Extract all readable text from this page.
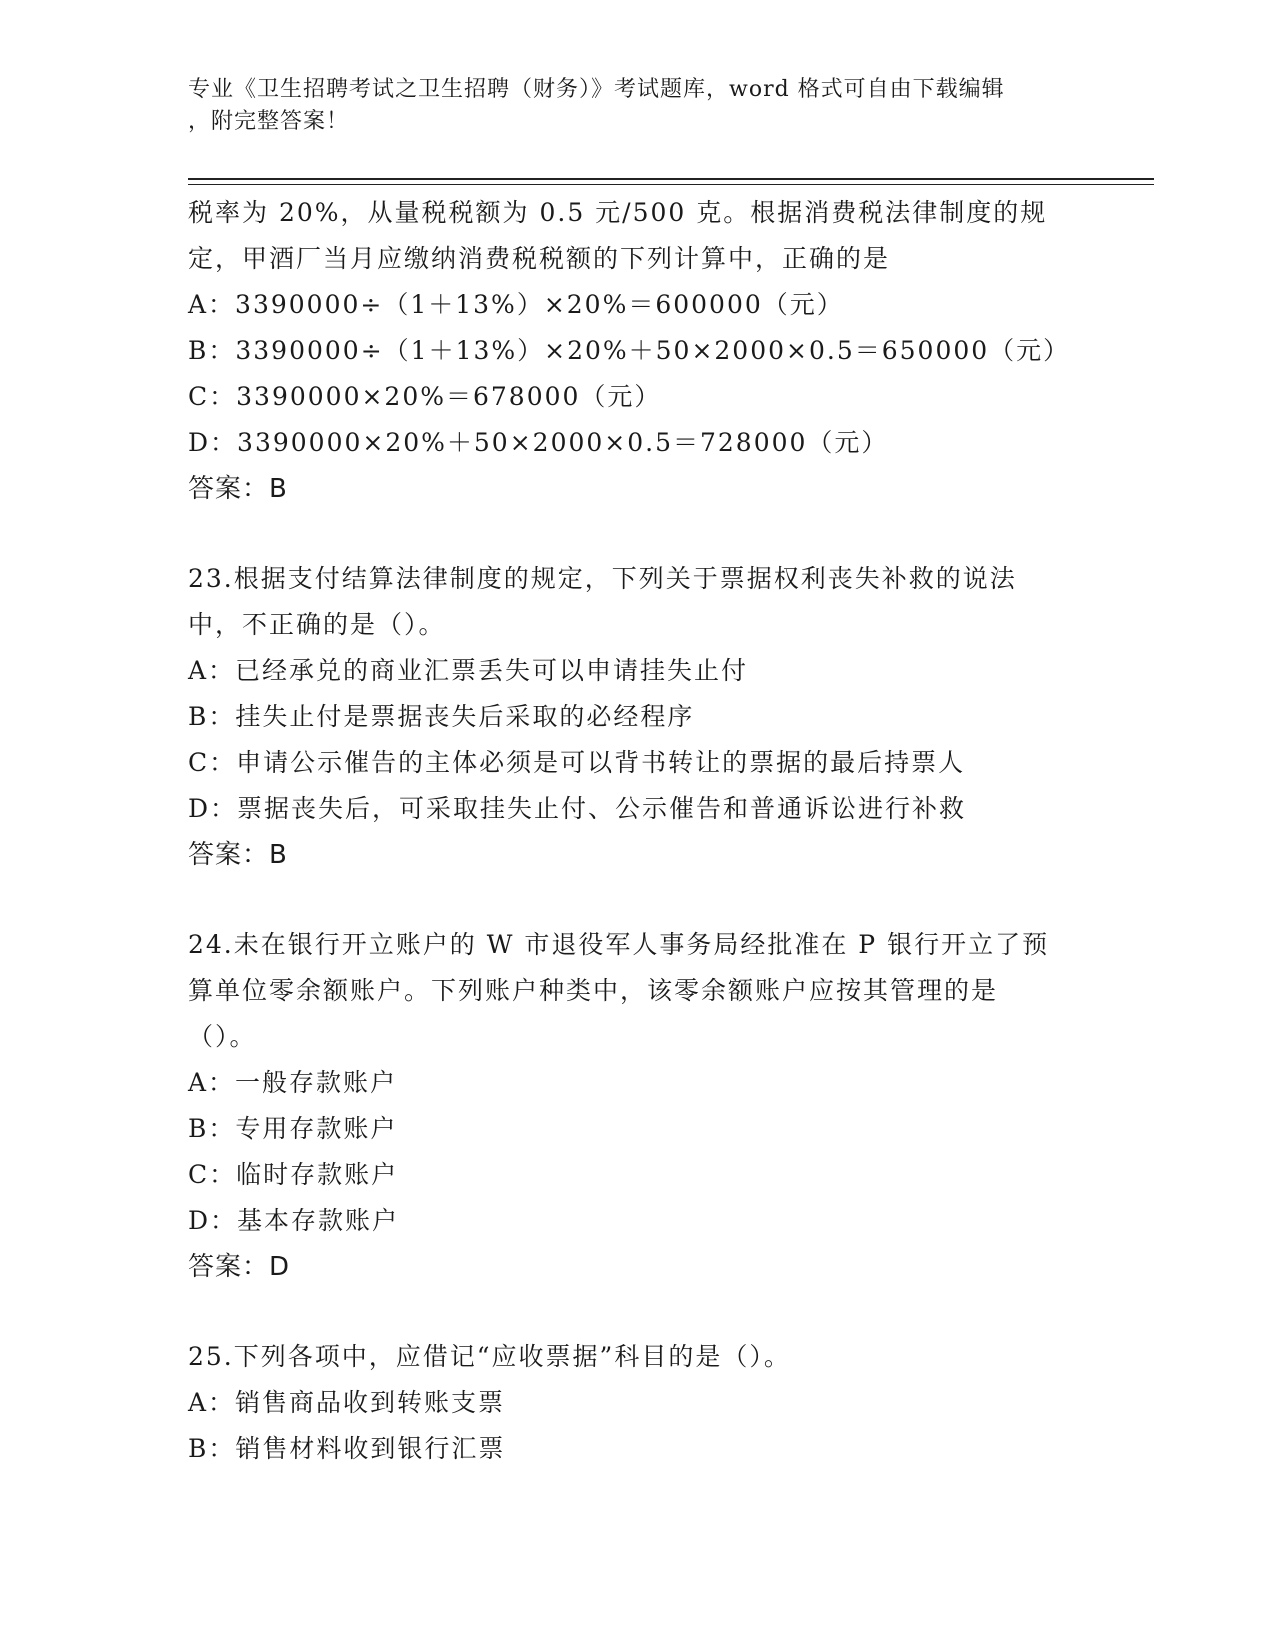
专业《卫生招聘考试之卫生招聘（财务）》考试题库，word 格式可自由下载编辑
，附完整答案！
税率为 20%，从量税税额为 0.5 元/500 克。根据消费税法律制度的规
定，甲酒厂当月应缴纳消费税税额的下列计算中，正确的是
A：3390000÷（1＋13%）×20%＝600000（元）
B：3390000÷（1＋13%）×20%＋50×2000×0.5＝650000（元）
C：3390000×20%＝678000（元）
D：3390000×20%＋50×2000×0.5＝728000（元）
答案：B
23.根据支付结算法律制度的规定，下列关于票据权利丧失补救的说法
中，不正确的是（）。
A：已经承兑的商业汇票丢失可以申请挂失止付
B：挂失止付是票据丧失后采取的必经程序
C：申请公示催告的主体必须是可以背书转让的票据的最后持票人
D：票据丧失后，可采取挂失止付、公示催告和普通诉讼进行补救
答案：B
24.未在银行开立账户的 W 市退役军人事务局经批准在 P 银行开立了预
算单位零余额账户。下列账户种类中，该零余额账户应按其管理的是
（）。
A：一般存款账户
B：专用存款账户
C：临时存款账户
D：基本存款账户
答案：D
25.下列各项中，应借记“应收票据”科目的是（）。
A：销售商品收到转账支票
B：销售材料收到银行汇票
